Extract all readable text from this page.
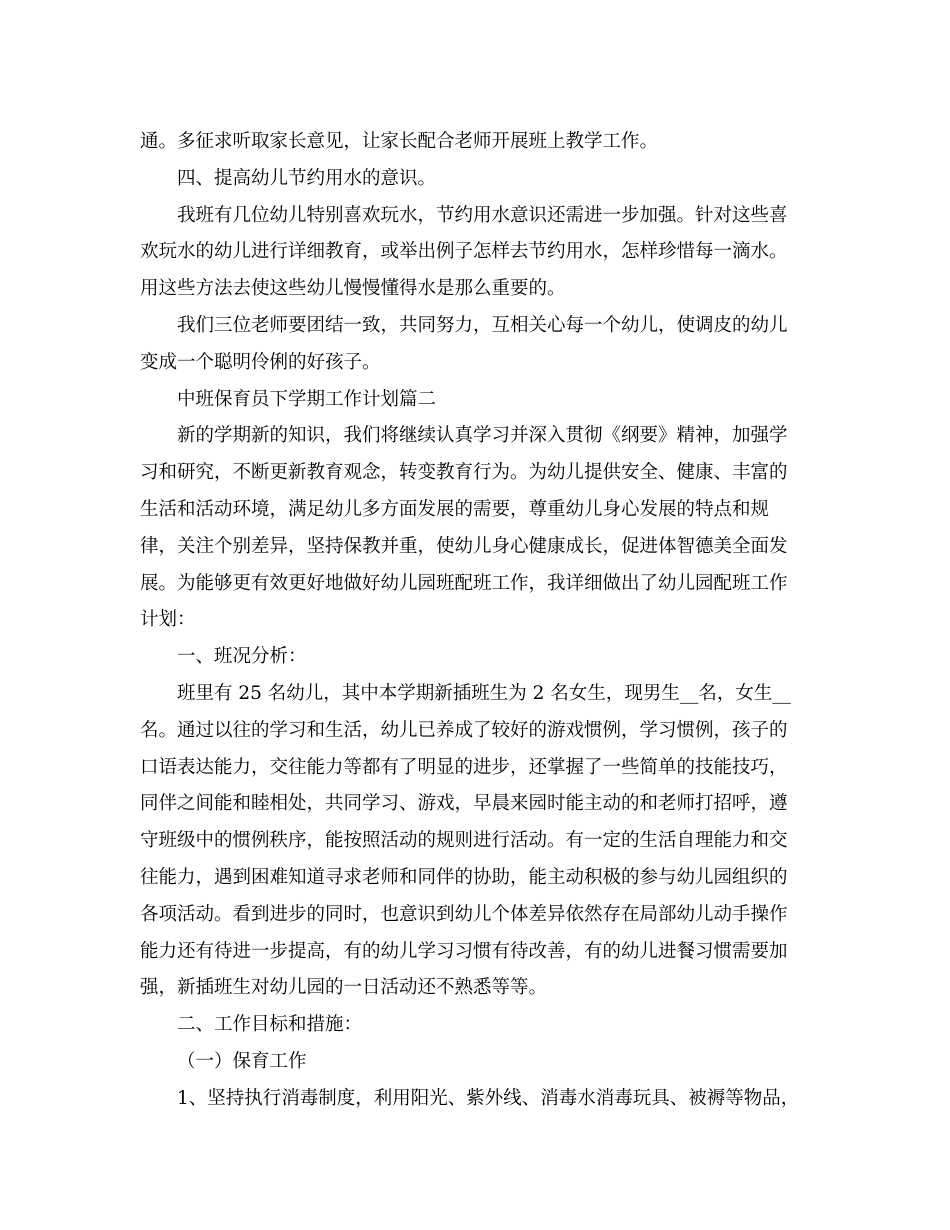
通。多征求听取家长意见，让家长配合老师开展班上教学工作。
四、提高幼儿节约用水的意识。
我班有几位幼儿特别喜欢玩水，节约用水意识还需进一步加强。针对这些喜
欢玩水的幼儿进行详细教育，或举出例子怎样去节约用水，怎样珍惜每一滴水。
用这些方法去使这些幼儿慢慢懂得水是那么重要的。
我们三位老师要团结一致，共同努力，互相关心每一个幼儿，使调皮的幼儿
变成一个聪明伶俐的好孩子。
中班保育员下学期工作计划篇二
新的学期新的知识，我们将继续认真学习并深入贯彻《纲要》精神，加强学
习和研究，不断更新教育观念，转变教育行为。为幼儿提供安全、健康、丰富的
生活和活动环境，满足幼儿多方面发展的需要，尊重幼儿身心发展的特点和规
律，关注个别差异，坚持保教并重，使幼儿身心健康成长，促进体智德美全面发
展。为能够更有效更好地做好幼儿园班配班工作，我详细做出了幼儿园配班工作
计划：
一、班况分析：
班里有 25 名幼儿，其中本学期新插班生为 2 名女生，现男生__名，女生__
名。通过以往的学习和生活，幼儿已养成了较好的游戏惯例，学习惯例，孩子的
口语表达能力，交往能力等都有了明显的进步，还掌握了一些简单的技能技巧，
同伴之间能和睦相处，共同学习、游戏，早晨来园时能主动的和老师打招呼，遵
守班级中的惯例秩序，能按照活动的规则进行活动。有一定的生活自理能力和交
往能力，遇到困难知道寻求老师和同伴的协助，能主动积极的参与幼儿园组织的
各项活动。看到进步的同时，也意识到幼儿个体差异依然存在局部幼儿动手操作
能力还有待进一步提高，有的幼儿学习习惯有待改善，有的幼儿进餐习惯需要加
强，新插班生对幼儿园的一日活动还不熟悉等等。
二、工作目标和措施：
（一）保育工作
1、坚持执行消毒制度，利用阳光、紫外线、消毒水消毒玩具、被褥等物品，
